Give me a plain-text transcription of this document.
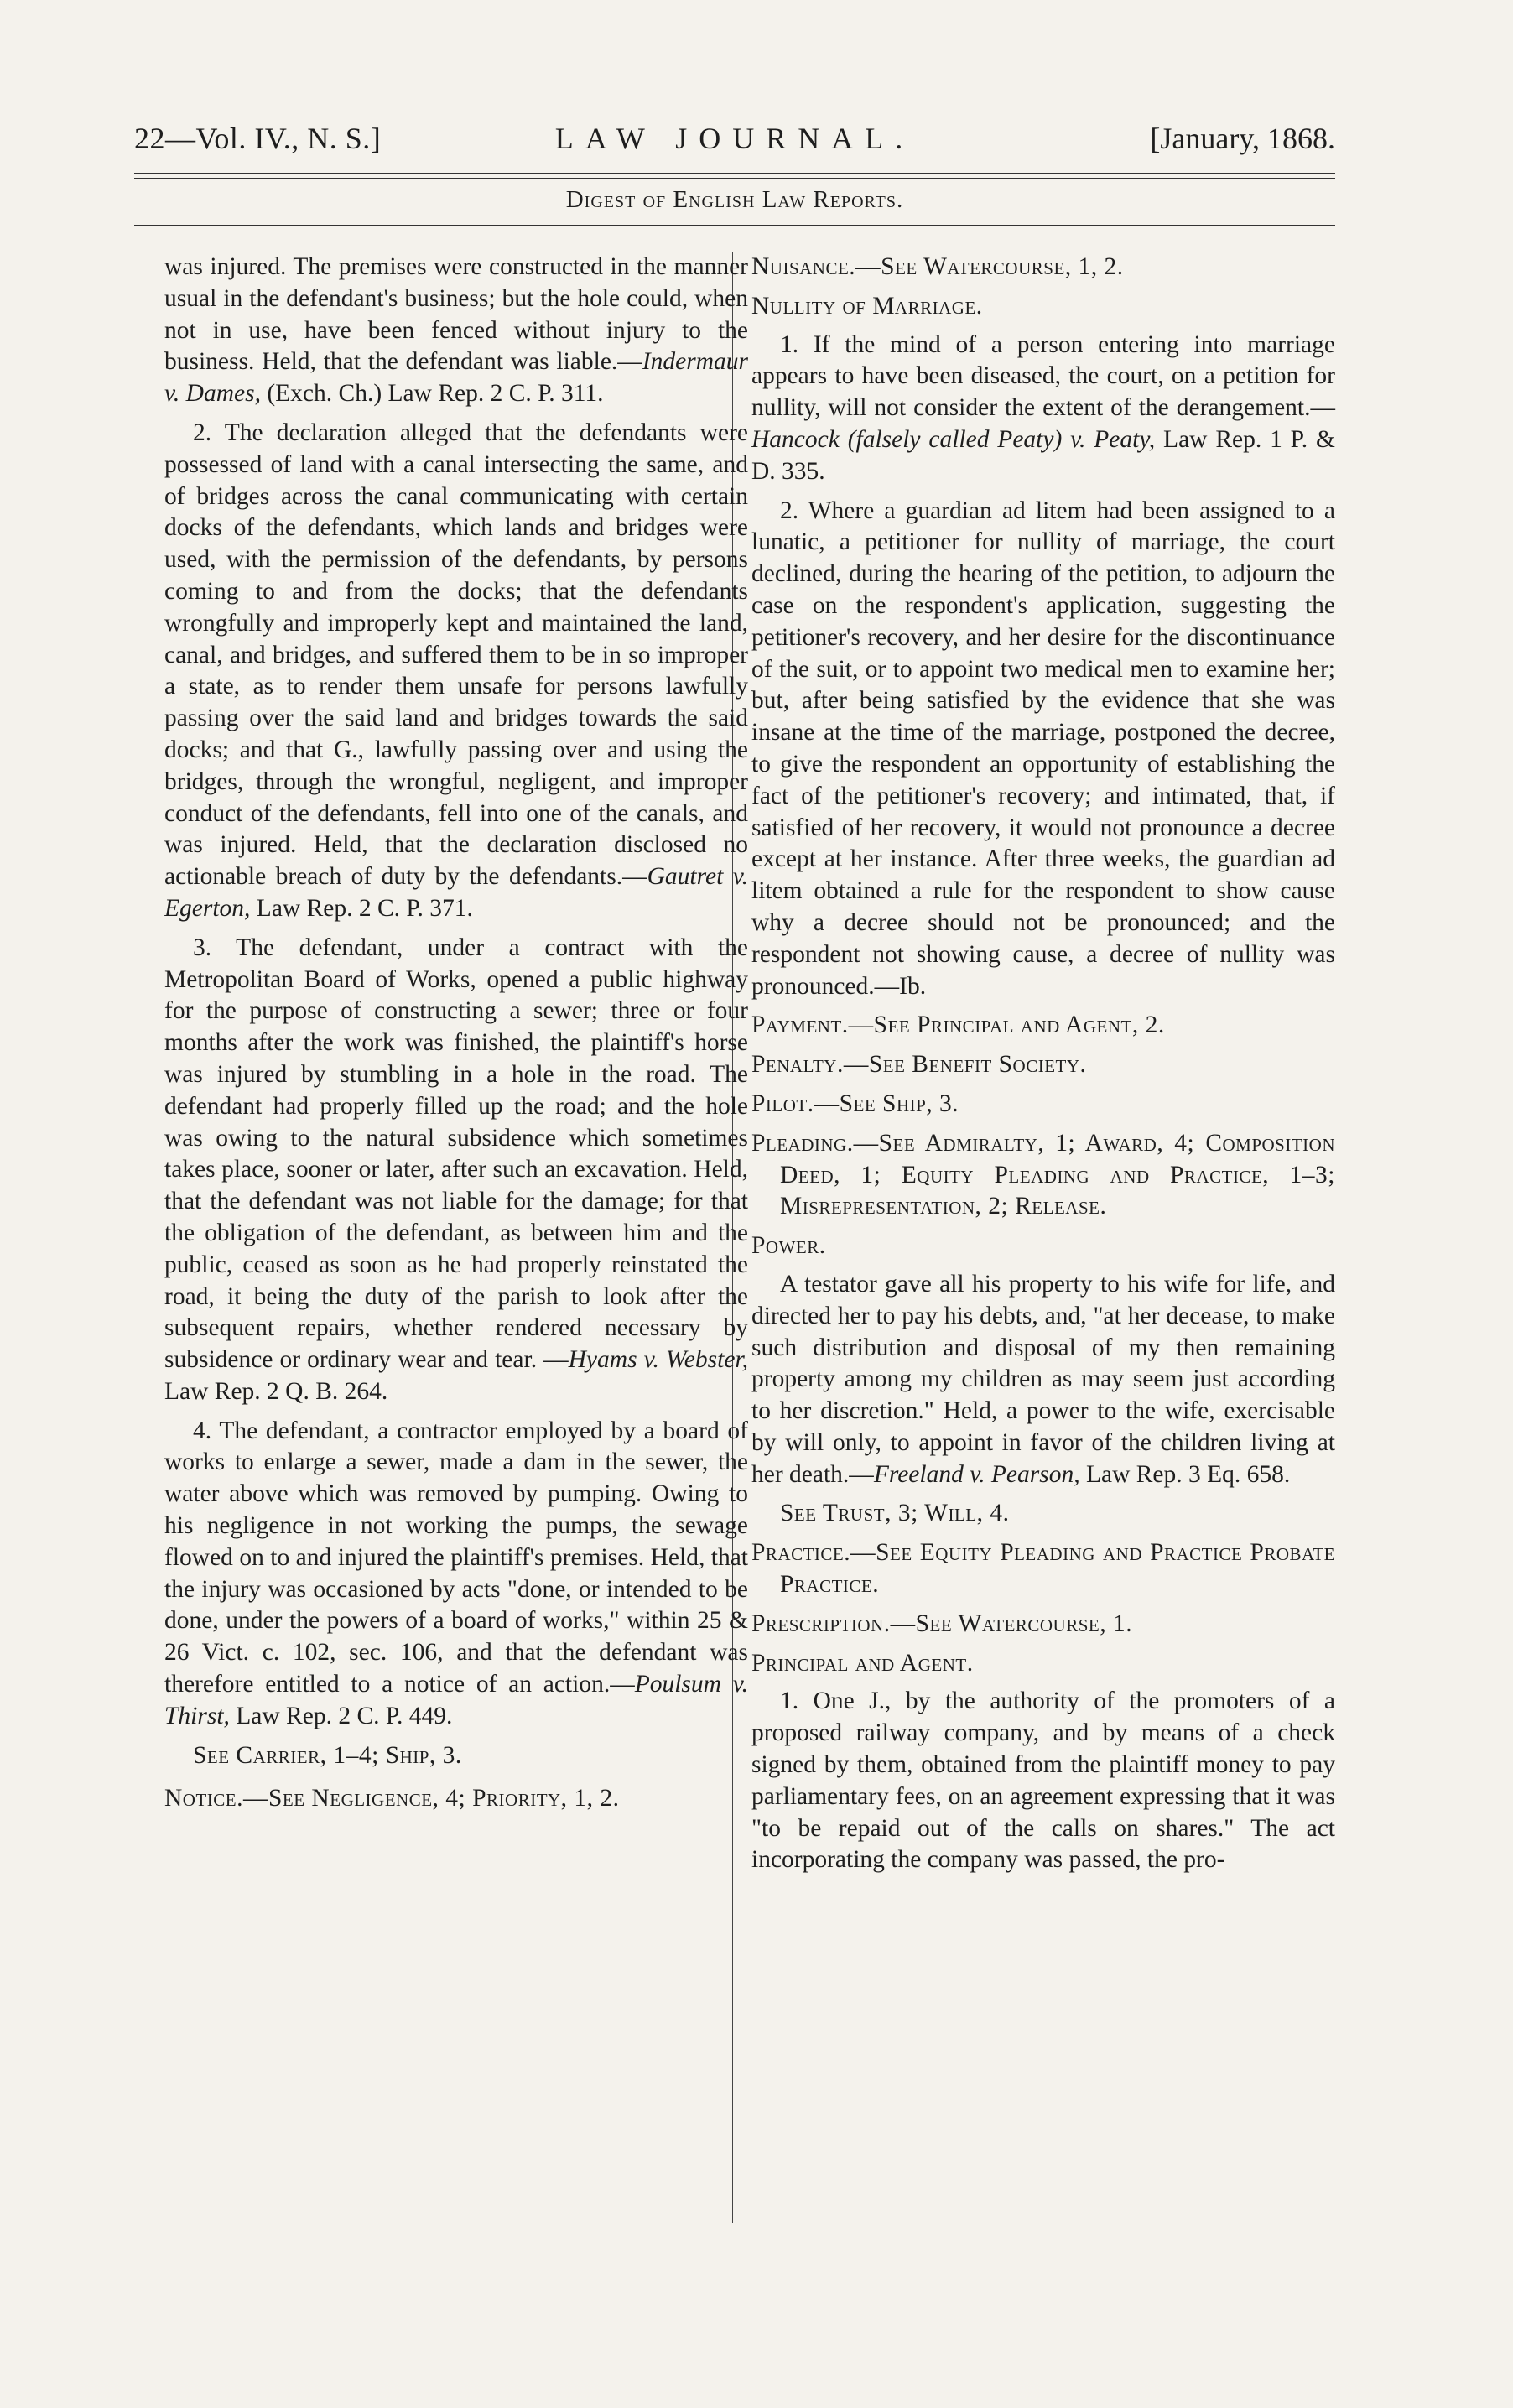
22—Vol. IV., N. S.]	LAW JOURNAL.	[January, 1868.
Digest of English Law Reports.

was injured. The premises were constructed in the manner usual in the defendant's business; but the hole could, when not in use, have been fenced without injury to the business. Held, that the defendant was liable.—Indermaur v. Dames, (Exch. Ch.) Law Rep. 2 C. P. 311.

2. The declaration alleged that the defendants were possessed of land with a canal intersecting the same, and of bridges across the canal communicating with certain docks of the defendants, which lands and bridges were used, with the permission of the defendants, by persons coming to and from the docks; that the defendants wrongfully and improperly kept and maintained the land, canal, and bridges, and suffered them to be in so improper a state, as to render them unsafe for persons lawfully passing over the said land and bridges towards the said docks; and that G., lawfully passing over and using the bridges, through the wrongful, negligent, and improper conduct of the defendants, fell into one of the canals, and was injured. Held, that the declaration disclosed no actionable breach of duty by the defendants.—Gautret v. Egerton, Law Rep. 2 C. P. 371.

3. The defendant, under a contract with the Metropolitan Board of Works, opened a public highway for the purpose of constructing a sewer; three or four months after the work was finished, the plaintiff's horse was injured by stumbling in a hole in the road. The defendant had properly filled up the road; and the hole was owing to the natural subsidence which sometimes takes place, sooner or later, after such an excavation. Held, that the defendant was not liable for the damage; for that the obligation of the defendant, as between him and the public, ceased as soon as he had properly reinstated the road, it being the duty of the parish to look after the subsequent repairs, whether rendered necessary by subsidence or ordinary wear and tear. —Hyams v. Webster, Law Rep. 2 Q. B. 264.

4. The defendant, a contractor employed by a board of works to enlarge a sewer, made a dam in the sewer, the water above which was removed by pumping. Owing to his negligence in not working the pumps, the sewage flowed on to and injured the plaintiff's premises. Held, that the injury was occasioned by acts "done, or intended to be done, under the powers of a board of works," within 25 & 26 Vict. c. 102, sec. 106, and that the defendant was therefore entitled to a notice of an action.—Poulsum v. Thirst, Law Rep. 2 C. P. 449.

See Carrier, 1–4; Ship, 3.

Notice.—See Negligence, 4; Priority, 1, 2.

Nuisance.—See Watercourse, 1, 2.

Nullity of Marriage.

1. If the mind of a person entering into marriage appears to have been diseased, the court, on a petition for nullity, will not consider the extent of the derangement.—Hancock (falsely called Peaty) v. Peaty, Law Rep. 1 P. & D. 335.

2. Where a guardian ad litem had been assigned to a lunatic, a petitioner for nullity of marriage, the court declined, during the hearing of the petition, to adjourn the case on the respondent's application, suggesting the petitioner's recovery, and her desire for the discontinuance of the suit, or to appoint two medical men to examine her; but, after being satisfied by the evidence that she was insane at the time of the marriage, postponed the decree, to give the respondent an opportunity of establishing the fact of the petitioner's recovery; and intimated, that, if satisfied of her recovery, it would not pronounce a decree except at her instance. After three weeks, the guardian ad litem obtained a rule for the respondent to show cause why a decree should not be pronounced; and the respondent not showing cause, a decree of nullity was pronounced.—Ib.

Payment.—See Principal and Agent, 2.

Penalty.—See Benefit Society.

Pilot.—See Ship, 3.

Pleading.—See Admiralty, 1; Award, 4; Composition Deed, 1; Equity Pleading and Practice, 1–3; Misrepresentation, 2; Release.

Power.

A testator gave all his property to his wife for life, and directed her to pay his debts, and, "at her decease, to make such distribution and disposal of my then remaining property among my children as may seem just according to her discretion." Held, a power to the wife, exercisable by will only, to appoint in favor of the children living at her death.—Freeland v. Pearson, Law Rep. 3 Eq. 658.

See Trust, 3; Will, 4.

Practice.—See Equity Pleading and Practice Probate Practice.

Prescription.—See Watercourse, 1.

Principal and Agent.

1. One J., by the authority of the promoters of a proposed railway company, and by means of a check signed by them, obtained from the plaintiff money to pay parliamentary fees, on an agreement expressing that it was "to be repaid out of the calls on shares." The act incorporating the company was passed, the pro-
